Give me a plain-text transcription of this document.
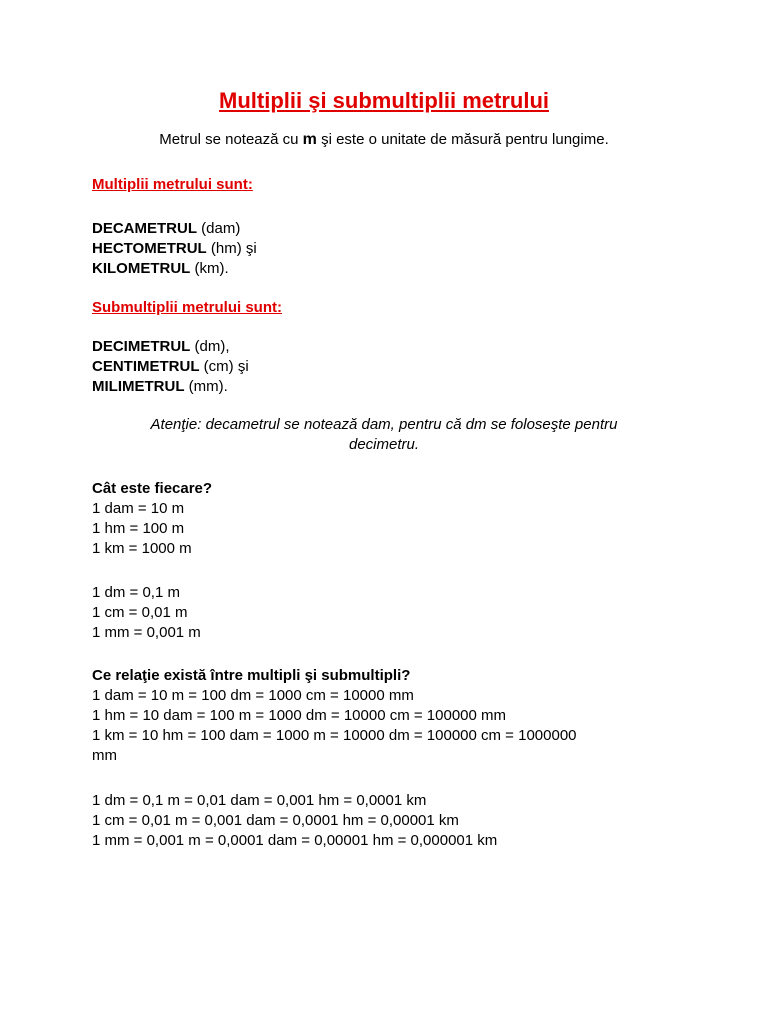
Multiplii şi submultiplii metrului
Metrul se notează cu m şi este o unitate de măsură pentru lungime.
Multiplii metrului sunt:
DECAMETRUL (dam)
HECTOMETRUL (hm) şi
KILOMETRUL (km).
Submultiplii metrului sunt:
DECIMETRUL (dm),
CENTIMETRUL (cm) şi
MILIMETRUL (mm).
Atenţie: decametrul se notează dam, pentru că dm se foloseşte pentru
decimetru.
Cât este fiecare?
1 dam = 10 m
1 hm = 100 m
1 km = 1000 m
1 dm = 0,1 m
1 cm = 0,01 m
1 mm = 0,001 m
Ce relaţie există între multipli şi submultipli?
1 dam = 10 m = 100 dm = 1000 cm = 10000 mm
1 hm = 10 dam = 100 m = 1000 dm = 10000 cm = 100000 mm
1 km = 10 hm = 100 dam = 1000 m = 10000 dm = 100000 cm = 1000000
mm
1 dm = 0,1 m = 0,01 dam = 0,001 hm = 0,0001 km
1 cm = 0,01 m = 0,001 dam = 0,0001 hm = 0,00001 km
1 mm = 0,001 m = 0,0001 dam = 0,00001 hm = 0,000001 km
